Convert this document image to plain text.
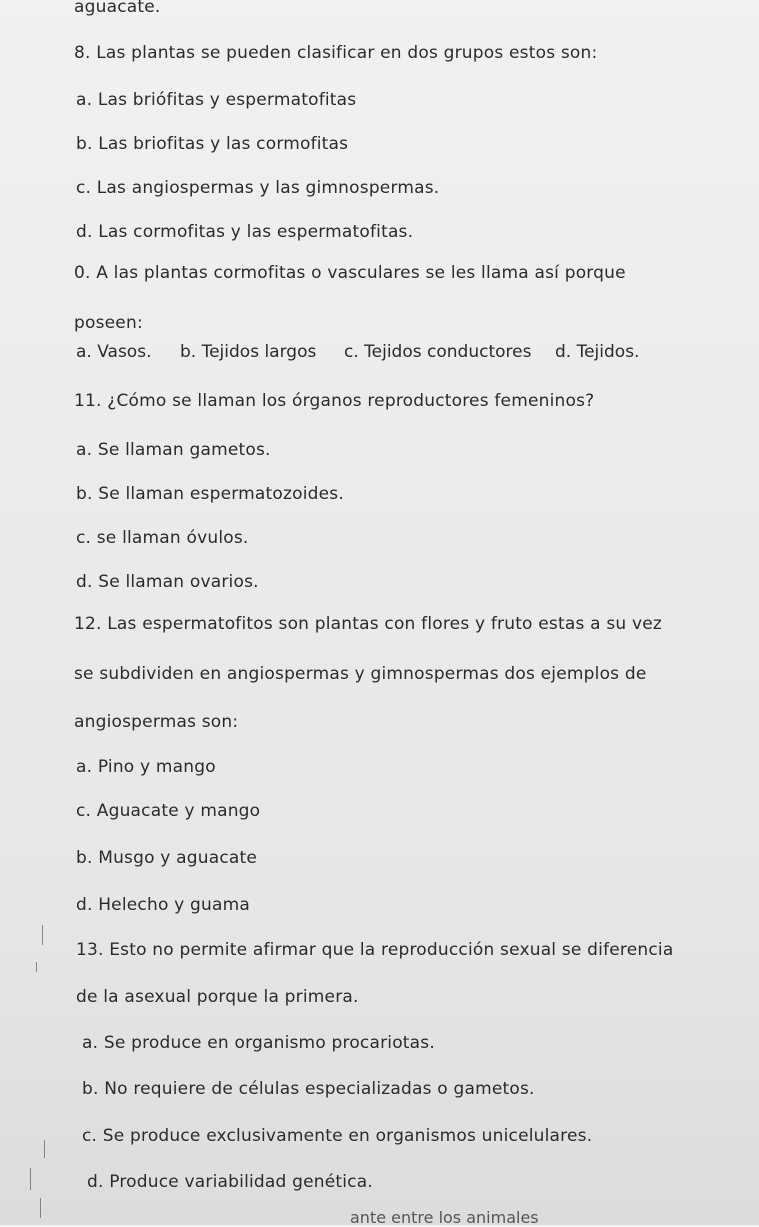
aguacate.
8. Las plantas se pueden clasificar en dos grupos estos son:
a. Las brióf​itas y espermatofitas
b. Las briofitas y las cormofitas
c. Las angiospermas y las gimnospermas.
d. Las cormofitas y las espermatofitas.
0. A las plantas cormofitas o vasculares se les llama así porque
poseen:
a. Vasos.	b. Tejidos largos	c. Tejidos conductores	d. Tejidos.
11. ¿Cómo se llaman los órganos reproductores femeninos?
a. Se llaman gametos.
b. Se llaman espermatozoides.
c. se llaman óvulos.
d. Se llaman ovarios.
12. Las espermatofitos son plantas con flores y fruto estas a su vez
se subdividen en angiospermas y gimnospermas dos ejemplos de
angiospermas son:
a. Pino y mango
c. Aguacate y mango
b. Musgo y aguacate
d. Helecho y guama
13. Esto no permite afirmar que la reproducción sexual se diferencia
de la asexual porque la primera.
a. Se produce en organismo procariotas.
b. No requiere de células especializadas o gametos.
c. Se produce exclusivamente en organismos unicelulares.
d. Produce variabilidad genética.
ante entre los animales
